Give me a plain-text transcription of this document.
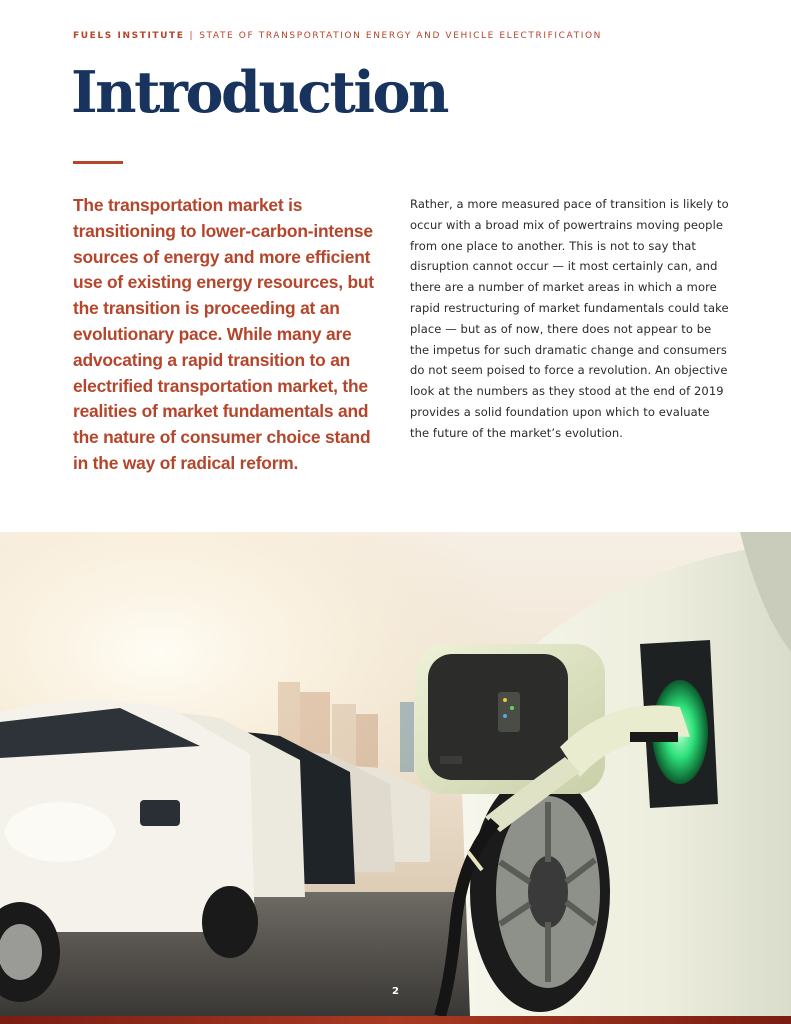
FUELS INSTITUTE | STATE OF TRANSPORTATION ENERGY AND VEHICLE ELECTRIFICATION
Introduction

The transportation market is transitioning to lower-carbon-intense sources of energy and more efficient use of existing energy resources, but the transition is proceeding at an evolutionary pace. While many are advocating a rapid transition to an electrified transportation market, the realities of market fundamentals and the nature of consumer choice stand in the way of radical reform.

Rather, a more measured pace of transition is likely to occur with a broad mix of powertrains moving people from one place to another. This is not to say that disruption cannot occur — it most certainly can, and there are a number of market areas in which a more rapid restructuring of market fundamentals could take place — but as of now, there does not appear to be the impetus for such dramatic change and consumers do not seem poised to force a revolution. An objective look at the numbers as they stood at the end of 2019 provides a solid foundation upon which to evaluate the future of the market’s evolution.

2
